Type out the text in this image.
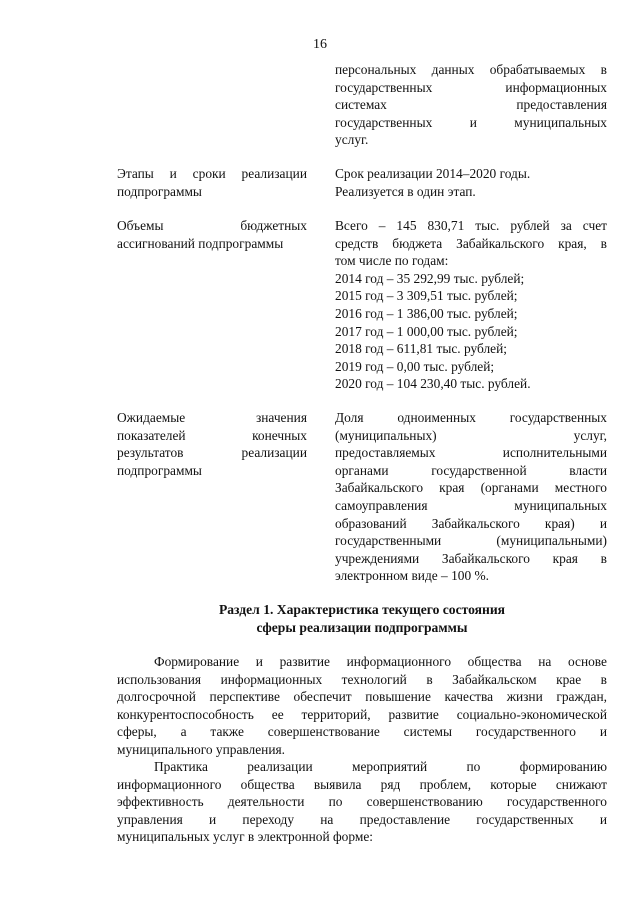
16
персональных данных обрабатываемых в
государственных информационных
системах предоставления
государственных и муниципальных
услуг.
Этапы и сроки реализации
подпрограммы
Срок реализации 2014–2020 годы.
Реализуется в один этап.
Объемы бюджетных
ассигнований подпрограммы
Всего – 145 830,71 тыс. рублей за счет
средств бюджета Забайкальского края, в
том числе по годам:
2014 год – 35 292,99 тыс. рублей;
2015 год – 3 309,51 тыс. рублей;
2016 год – 1 386,00 тыс. рублей;
2017 год – 1 000,00 тыс. рублей;
2018 год – 611,81 тыс. рублей;
2019 год – 0,00 тыс. рублей;
2020 год – 104 230,40 тыс. рублей.
Ожидаемые значения
показателей конечных
результатов реализации
подпрограммы
Доля одноименных государственных
(муниципальных) услуг,
предоставляемых исполнительными
органами государственной власти
Забайкальского края (органами местного
самоуправления муниципальных
образований Забайкальского края) и
государственными (муниципальными)
учреждениями Забайкальского края в
электронном виде – 100 %.
Раздел 1. Характеристика текущего состояния
сферы реализации подпрограммы
Формирование и развитие информационного общества на основе
использования информационных технологий в Забайкальском крае в
долгосрочной перспективе обеспечит повышение качества жизни граждан,
конкурентоспособность ее территорий, развитие социально-экономической
сферы, а также совершенствование системы государственного и
муниципального управления.
Практика реализации мероприятий по формированию
информационного общества выявила ряд проблем, которые снижают
эффективность деятельности по совершенствованию государственного
управления и переходу на предоставление государственных и
муниципальных услуг в электронной форме:
